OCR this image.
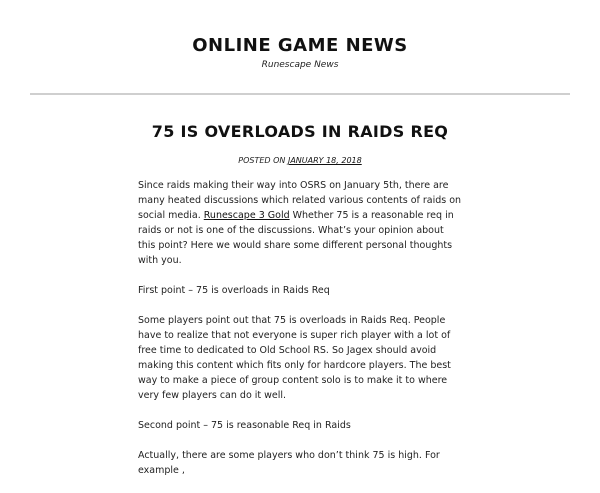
ONLINE GAME NEWS
Runescape News
75 IS OVERLOADS IN RAIDS REQ
POSTED ON JANUARY 18, 2018

Since raids making their way into OSRS on January 5th, there are many heated discussions which related various contents of raids on social media. Runescape 3 Gold Whether 75 is a reasonable req in raids or not is one of the discussions. What’s your opinion about this point? Here we would share some different personal thoughts with you.

First point – 75 is overloads in Raids Req

Some players point out that 75 is overloads in Raids Req. People have to realize that not everyone is super rich player with a lot of free time to dedicated to Old School RS. So Jagex should avoid making this content which fits only for hardcore players. The best way to make a piece of group content solo is to make it to where very few players can do it well.

Second point – 75 is reasonable Req in Raids

Actually, there are some players who don’t think 75 is high. For example ,
